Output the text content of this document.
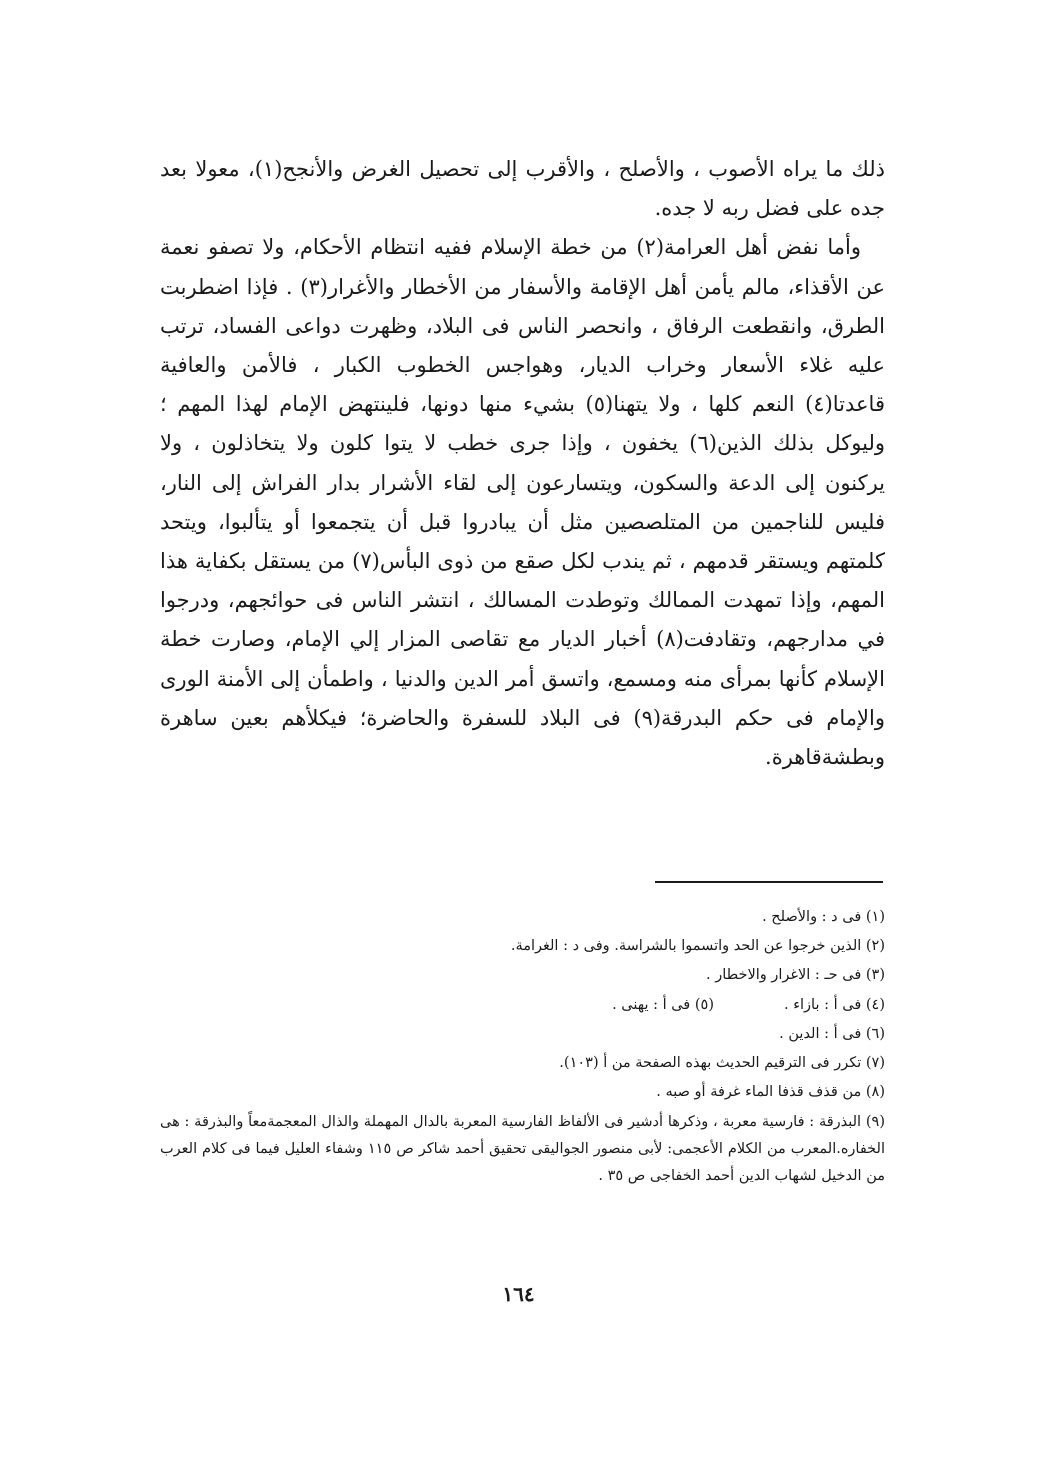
ذلك ما يراه الأصوب ، والأصلح ، والأقرب إلى تحصيل الغرض والأنجح(١)، معولا بعد جده على فضل ربه لا جده.

وأما نفض أهل العرامة(٢) من خطة الإسلام ففيه انتظام الأحكام، ولا تصفو نعمة عن الأقذاء، مالم يأمن أهل الإقامة والأسفار من الأخطار والأغرار(٣) . فإذا اضطربت الطرق، وانقطعت الرفاق ، وانحصر الناس فى البلاد، وظهرت دواعى الفساد، ترتب عليه غلاء الأسعار وخراب الديار، وهواجس الخطوب الكبار ، فالأمن والعافية قاعدتا(٤) النعم كلها ، ولا يتهنا(٥) بشيء منها دونها، فلينتهض الإمام لهذا المهم ؛ وليوكل بذلك الذين(٦) يخفون ، وإذا جرى خطب لا يتوا كلون ولا يتخاذلون ، ولا يركنون إلى الدعة والسكون، ويتسارعون إلى لقاء الأشرار بدار الفراش إلى النار، فليس للناجمين من المتلصصين مثل أن يبادروا قبل أن يتجمعوا أو يتألبوا، ويتحد كلمتهم ويستقر قدمهم ، ثم يندب لكل صقع من ذوى البأس(٧) من يستقل بكفاية هذا المهم، وإذا تمهدت الممالك وتوطدت المسالك ، انتشر الناس فى حوائجهم، ودرجوا في مدارجهم، وتقادفت(٨) أخبار الديار مع تقاصى المزار إلي الإمام، وصارت خطة الإسلام كأنها بمرأى منه ومسمع، واتسق أمر الدين والدنيا ، واطمأن إلى الأمنة الورى والإمام فى حكم البدرقة(٩) فى البلاد للسفرة والحاضرة؛ فيكلأهم بعين ساهرة وبطشةقاهرة.

(١) فى د : والأصلح .

(٢) الذين خرجوا عن الحد واتسموا بالشراسة. وفى د : الغرامة.

(٣) فى حـ : الاغرار والاخطار .

(٤) فى أ : بازاء .
(٥) فى أ : يهنى .

(٦) فى أ : الدين .

(٧) تكرر فى الترقيم الحديث بهذه الصفحة من أ (١٠٣).

(٨) من قذف قذفا الماء غرفة أو صبه .

(٩) البذرقة : فارسية معربة ، وذكرها أدشير فى الألفاظ الفارسية المعربة بالدال المهملة والذال المعجمةمعاً والبذرقة : هى الخفاره.المعرب من الكلام الأعجمى: لأبى منصور الجواليقى تحقيق أحمد شاكر ص ١١٥ وشفاء العليل فيما فى كلام العرب من الدخيل لشهاب الدين أحمد الخفاجى ص ٣٥ .

١٦٤
